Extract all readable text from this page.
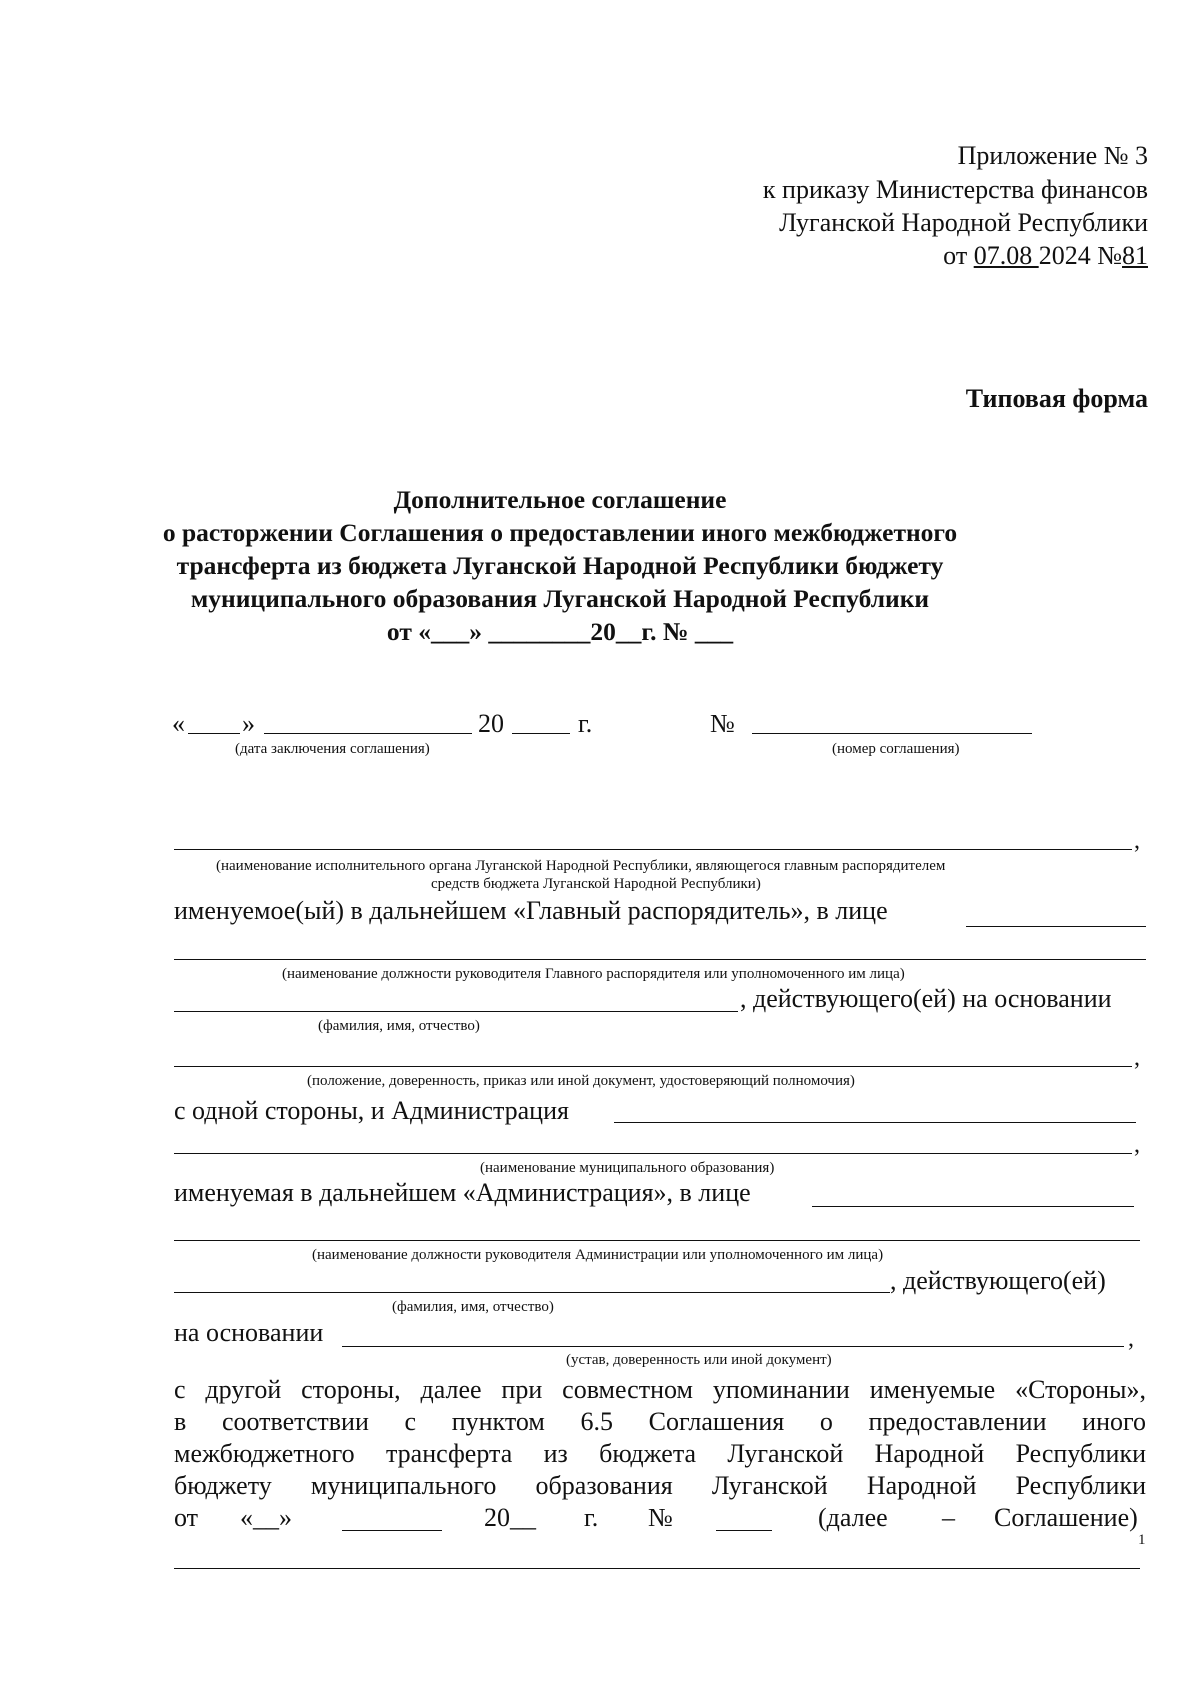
Приложение № 3
к приказу Министерства финансов
Луганской Народной Республики
от 07.08 2024 №81
Типовая форма
Дополнительное соглашение
о расторжении Соглашения о предоставлении иного межбюджетного
трансферта из бюджета Луганской Народной Республики бюджету
муниципального образования Луганской Народной Республики
от «___» ________20__г. № ___
« »	20	г.	№
(дата заключения соглашения)	(номер соглашения)
,
(наименование исполнительного органа Луганской Народной Республики, являющегося главным распорядителем
средств бюджета Луганской Народной Республики)
именуемое(ый) в дальнейшем «Главный распорядитель», в лице
(наименование должности руководителя Главного распорядителя или уполномоченного им лица)
, действующего(ей) на основании
(фамилия, имя, отчество)
,
(положение, доверенность, приказ или иной документ, удостоверяющий полномочия)
с одной стороны, и Администрация
,
(наименование муниципального образования)
именуемая в дальнейшем «Администрация», в лице
(наименование должности руководителя Администрации или уполномоченного им лица)
, действующего(ей)
(фамилия, имя, отчество)
на основании	,
(устав, доверенность или иной документ)
с другой стороны, далее при совместном упоминании именуемые «Стороны»,
в соответствии с пунктом 6.5 Соглашения о предоставлении иного
межбюджетного трансферта из бюджета Луганской Народной Республики
бюджету муниципального образования Луганской Народной Республики
от «__»	20__ г. №	(далее – Соглашение)
1
